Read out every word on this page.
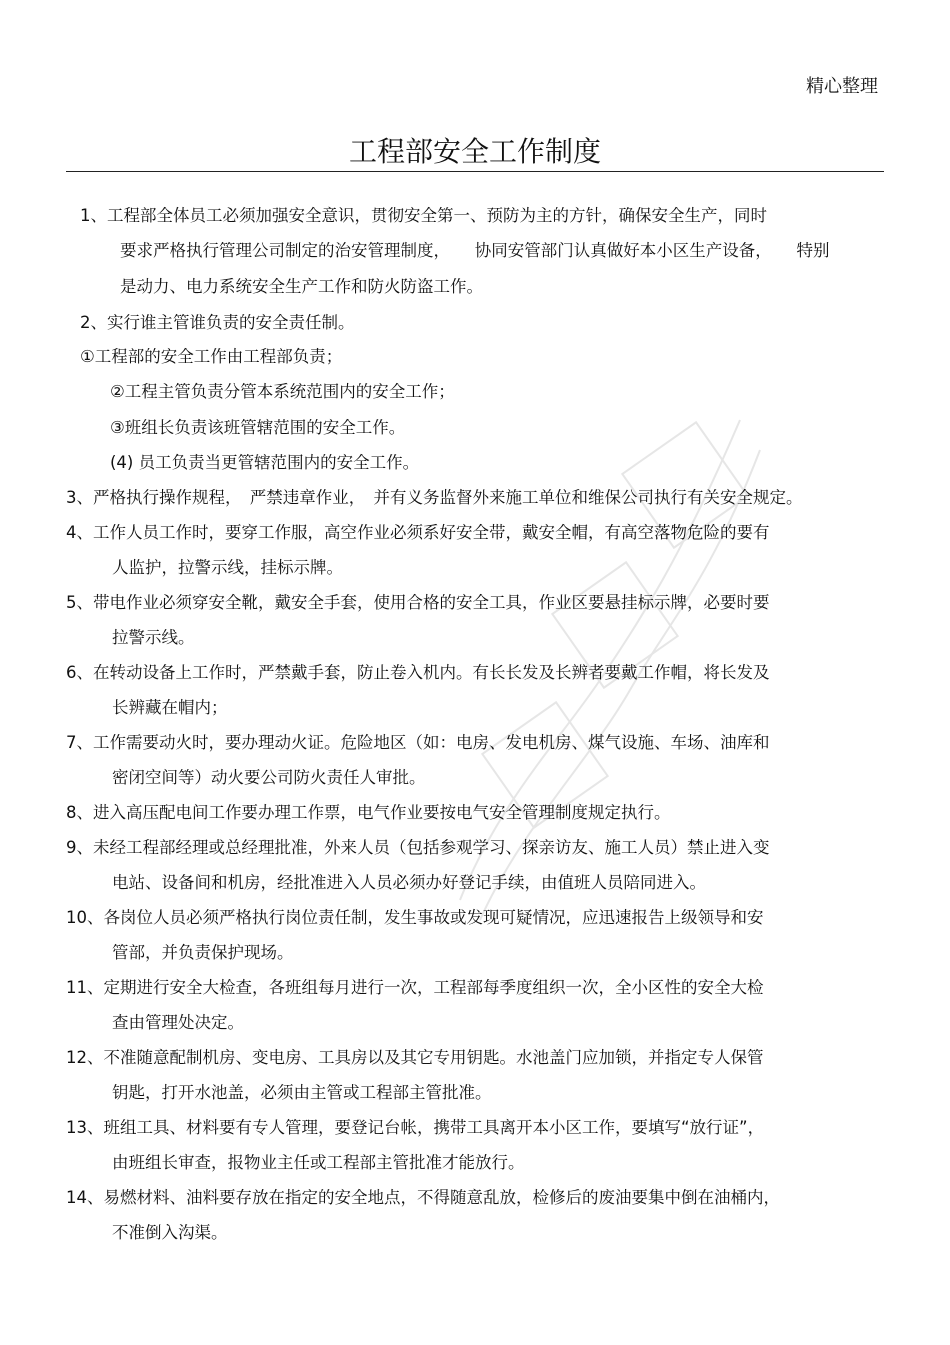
精心整理
工程部安全工作制度
1、工程部全体员工必须加强安全意识，贯彻安全第一、预防为主的方针，确保安全生产，同时
要求严格执行管理公司制定的治安管理制度，　　协同安管部门认真做好本小区生产设备，　　特别
是动力、电力系统安全生产工作和防火防盗工作。
2、实行谁主管谁负责的安全责任制。
①工程部的安全工作由工程部负责；
②工程主管负责分管本系统范围内的安全工作；
③班组长负责该班管辖范围的安全工作。
(4) 员工负责当更管辖范围内的安全工作。
3、严格执行操作规程，　严禁违章作业，　并有义务监督外来施工单位和维保公司执行有关安全规定。
4、工作人员工作时，要穿工作服，高空作业必须系好安全带，戴安全帽，有高空落物危险的要有
人监护，拉警示线，挂标示牌。
5、带电作业必须穿安全靴，戴安全手套，使用合格的安全工具，作业区要悬挂标示牌，必要时要
拉警示线。
6、在转动设备上工作时，严禁戴手套，防止卷入机内。有长长发及长辨者要戴工作帽，将长发及
长辨藏在帽内；
7、工作需要动火时，要办理动火证。危险地区（如：电房、发电机房、煤气设施、车场、油库和
密闭空间等）动火要公司防火责任人审批。
8、进入高压配电间工作要办理工作票，电气作业要按电气安全管理制度规定执行。
9、未经工程部经理或总经理批准，外来人员（包括参观学习、探亲访友、施工人员）禁止进入变
电站、设备间和机房，经批准进入人员必须办好登记手续，由值班人员陪同进入。
10、各岗位人员必须严格执行岗位责任制，发生事故或发现可疑情况，应迅速报告上级领导和安
管部，并负责保护现场。
11、定期进行安全大检查，各班组每月进行一次，工程部每季度组织一次，全小区性的安全大检
查由管理处决定。
12、不准随意配制机房、变电房、工具房以及其它专用钥匙。水池盖门应加锁，并指定专人保管
钥匙，打开水池盖，必须由主管或工程部主管批准。
13、班组工具、材料要有专人管理，要登记台帐，携带工具离开本小区工作，要填写“放行证”，
由班组长审查，报物业主任或工程部主管批准才能放行。
14、易燃材料、油料要存放在指定的安全地点，不得随意乱放，检修后的废油要集中倒在油桶内，
不准倒入沟渠。
